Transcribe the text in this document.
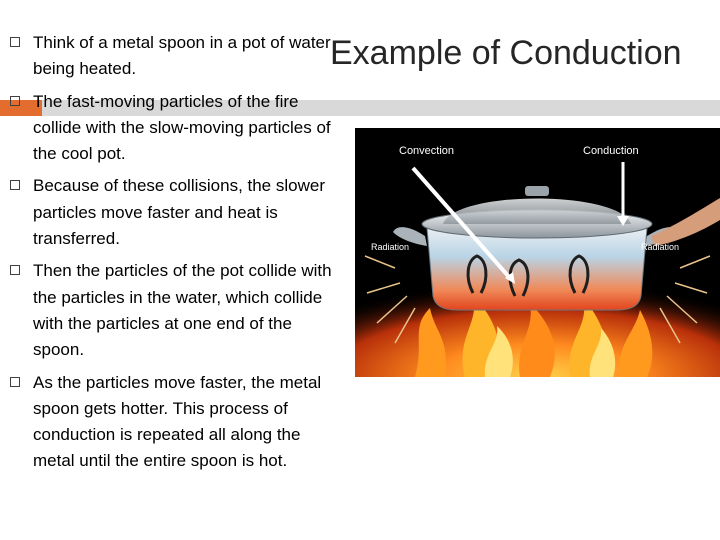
Example of Conduction
Think of a metal spoon in a pot of water being heated.
The fast-moving particles of the fire collide with the slow-moving particles of the cool pot.
Because of these collisions, the slower particles move faster and heat is transferred.
Then the particles of the pot collide with the particles in the water, which collide with the particles at one end of the spoon.
As the particles move faster, the metal spoon gets hotter. This process of conduction is repeated all along the metal until the entire spoon is hot.
Convection	Conduction
Radiation	Radiation
